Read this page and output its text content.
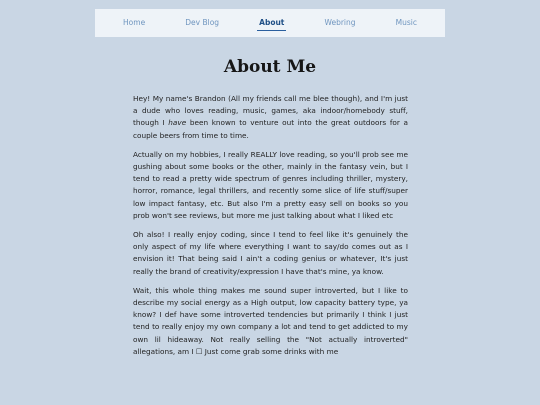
Home	Dev Blog	About	Webring	Music
About Me

Hey! My name's Brandon (All my friends call me blee though), and I'm just a dude who loves reading, music, games, aka indoor/homebody stuff, though I have been known to venture out into the great outdoors for a couple beers from time to time.

Actually on my hobbies, I really REALLY love reading, so you'll prob see me gushing about some books or the other, mainly in the fantasy vein, but I tend to read a pretty wide spectrum of genres including thriller, mystery, horror, romance, legal thrillers, and recently some slice of life stuff/super low impact fantasy, etc. But also I'm a pretty easy sell on books so you prob won't see reviews, but more me just talking about what I liked etc

Oh also! I really enjoy coding, since I tend to feel like it's genuinely the only aspect of my life where everything I want to say/do comes out as I envision it! That being said I ain't a coding genius or whatever, It's just really the brand of creativity/expression I have that's mine, ya know.

Wait, this whole thing makes me sound super introverted, but I like to describe my social energy as a High output, low capacity battery type, ya know? I def have some introverted tendencies but primarily I think I just tend to really enjoy my own company a lot and tend to get addicted to my own lil hideaway. Not really selling the "Not actually introverted" allegations, am I ☐ Just come grab some drinks with me
